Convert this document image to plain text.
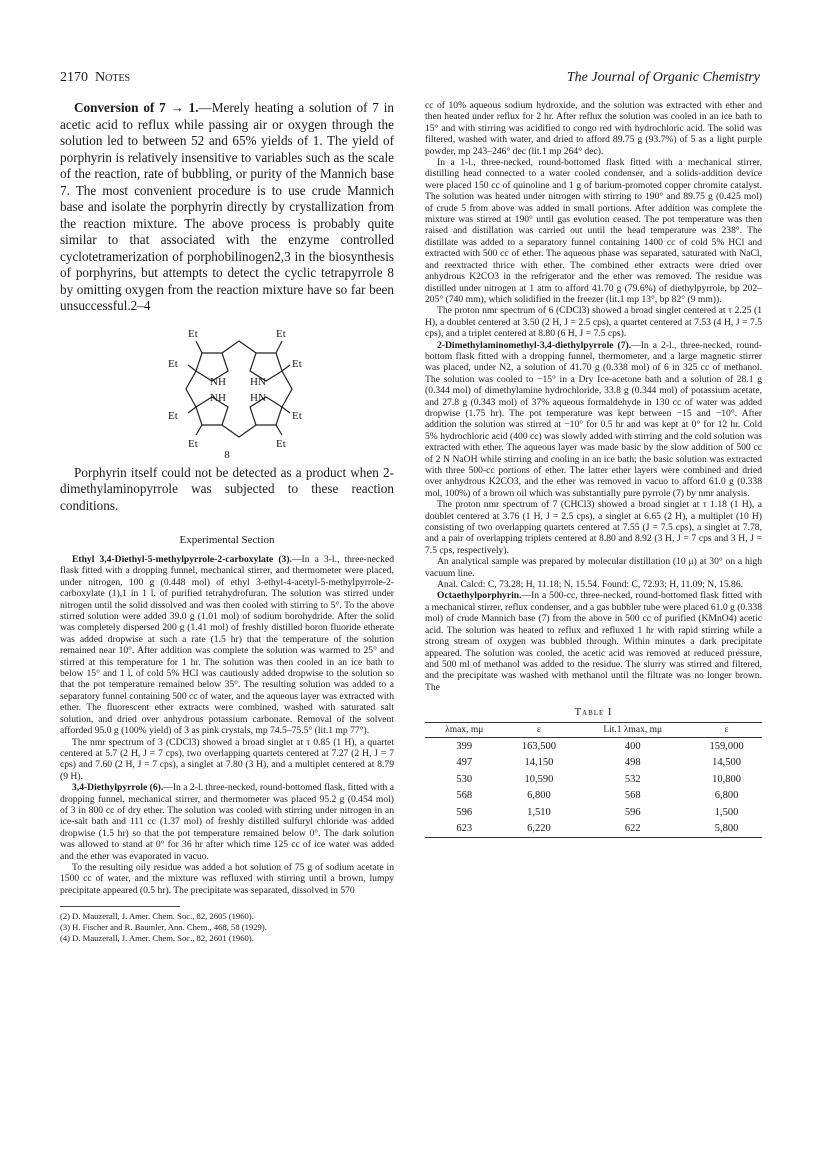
2170 Notes	The Journal of Organic Chemistry

Conversion of 7 → 1.—Merely heating a solution of 7 in acetic acid to reflux while passing air or oxygen through the solution led to between 52 and 65% yields of 1. The yield of porphyrin is relatively insensitive to variables such as the scale of the reaction, rate of bubbling, or purity of the Mannich base 7. The most convenient procedure is to use crude Mannich base and isolate the porphyrin directly by crystallization from the reaction mixture. The above process is probably quite similar to that associated with the enzyme controlled cyclotetramerization of porphobilinogen2,3 in the biosynthesis of porphyrins, but attempts to detect the cyclic tetrapyrrole 8 by omitting oxygen from the reaction mixture have so far been unsuccessful.2–4

Et	Et
Et	Et
Et	Et
Et	Et
NH HN
NH HN
8

Porphyrin itself could not be detected as a product when 2-dimethylaminopyrrole was subjected to these reaction conditions.

Experimental Section

Ethyl 3,4-Diethyl-5-methylpyrrole-2-carboxylate (3).—In a 3-l., three-necked flask fitted with a dropping funnel, mechanical stirrer, and thermometer were placed, under nitrogen, 100 g (0.448 mol) of ethyl 3-ethyl-4-acetyl-5-methylpyrrole-2-carboxylate (1),1 in 1 l. of purified tetrahydrofuran. The solution was stirred under nitrogen until the solid dissolved and was then cooled with stirring to 5°. To the above stirred solution were added 39.0 g (1.01 mol) of sodium borohydride. After the solid was completely dispersed 200 g (1.41 mol) of freshly distilled boron fluoride etherate was added dropwise at such a rate (1.5 hr) that the temperature of the solution remained near 10°. After addition was complete the solution was warmed to 25° and stirred at this temperature for 1 hr. The solution was then cooled in an ice bath to below 15° and 1 l. of cold 5% HCl was cautiously added dropwise to the solution so that the pot temperature remained below 35°. The resulting solution was added to a separatory funnel containing 500 cc of water, and the aqueous layer was extracted with ether. The fluorescent ether extracts were combined, washed with saturated salt solution, and dried over anhydrous potassium carbonate. Removal of the solvent afforded 95.0 g (100% yield) of 3 as pink crystals, mp 74.5–75.5° (lit.1 mp 77°).

The nmr spectrum of 3 (CDCl3) showed a broad singlet at τ 0.85 (1 H), a quartet centered at 5.7 (2 H, J = 7 cps), two overlapping quartets centered at 7.27 (2 H, J = 7 cps) and 7.60 (2 H, J = 7 cps), a singlet at 7.80 (3 H), and a multiplet centered at 8.79 (9 H).

3,4-Diethylpyrrole (6).—In a 2-l. three-necked, round-bottomed flask, fitted with a dropping funnel, mechanical stirrer, and thermometer was placed 95.2 g (0.454 mol) of 3 in 800 cc of dry ether. The solution was cooled with stirring under nitrogen in an ice-salt bath and 111 cc (1.37 mol) of freshly distilled sulfuryl chloride was added dropwise (1.5 hr) so that the pot temperature remained below 0°. The dark solution was allowed to stand at 0° for 36 hr after which time 125 cc of ice water was added and the ether was evaporated in vacuo.

To the resulting oily residue was added a hot solution of 75 g of sodium acetate in 1500 cc of water, and the mixture was refluxed with stirring until a brown, lumpy precipitate appeared (0.5 hr). The precipitate was separated, dissolved in 570

(2) D. Mauzerall, J. Amer. Chem. Soc., 82, 2605 (1960).

(3) H. Fischer and R. Baumler, Ann. Chem., 468, 58 (1929).

(4) D. Mauzerall, J. Amer. Chem. Soc., 82, 2601 (1960).

cc of 10% aqueous sodium hydroxide, and the solution was extracted with ether and then heated under reflux for 2 hr. After reflux the solution was cooled in an ice bath to 15° and with stirring was acidified to congo red with hydrochloric acid. The solid was filtered, washed with water, and dried to afford 89.75 g (93.7%) of 5 as a light purple powder, mp 243–246° dec (lit.1 mp 264° dec).

In a 1-l., three-necked, round-bottomed flask fitted with a mechanical stirrer, distilling head connected to a water cooled condenser, and a solids-addition device were placed 150 cc of quinoline and 1 g of barium-promoted copper chromite catalyst. The solution was heated under nitrogen with stirring to 190° and 89.75 g (0.425 mol) of crude 5 from above was added in small portions. After addition was complete the mixture was stirred at 190° until gas evolution ceased. The pot temperature was then raised and distillation was carried out until the head temperature was 238°. The distillate was added to a separatory funnel containing 1400 cc of cold 5% HCl and extracted with 500 cc of ether. The aqueous phase was separated, saturated with NaCl, and reextracted thrice with ether. The combined ether extracts were dried over anhydrous K2CO3 in the refrigerator and the ether was removed. The residue was distilled under nitrogen at 1 atm to afford 41.70 g (79.6%) of diethylpyrrole, bp 202–205° (740 mm), which solidified in the freezer (lit.1 mp 13°, bp 82° (9 mm)).

The proton nmr spectrum of 6 (CDCl3) showed a broad singlet centered at τ 2.25 (1 H), a doublet centered at 3.50 (2 H, J = 2.5 cps), a quartet centered at 7.53 (4 H, J = 7.5 cps), and a triplet centered at 8.80 (6 H, J = 7.5 cps).

2-Dimethylaminomethyl-3,4-diethylpyrrole (7).—In a 2-l., three-necked, round-bottom flask fitted with a dropping funnel, thermometer, and a large magnetic stirrer was placed, under N2, a solution of 41.70 g (0.338 mol) of 6 in 325 cc of methanol. The solution was cooled to −15° in a Dry Ice-acetone bath and a solution of 28.1 g (0.344 mol) of dimethylamine hydrochloride, 33.8 g (0.344 mol) of potassium acetate, and 27.8 g (0.343 mol) of 37% aqueous formaldehyde in 130 cc of water was added dropwise (1.75 hr). The pot temperature was kept between −15 and −10°. After addition the solution was stirred at −10° for 0.5 hr and was kept at 0° for 12 hr. Cold 5% hydrochloric acid (400 cc) was slowly added with stirring and the cold solution was extracted with ether. The aqueous layer was made basic by the slow addition of 500 cc of 2 N NaOH while stirring and cooling in an ice bath; the basic solution was extracted with three 500-cc portions of ether. The latter ether layers were combined and dried over anhydrous K2CO3, and the ether was removed in vacuo to afford 61.0 g (0.338 mol, 100%) of a brown oil which was substantially pure pyrrole (7) by nmr analysis.

The proton nmr spectrum of 7 (CHCl3) showed a broad singlet at τ 1.18 (1 H), a doublet centered at 3.76 (1 H, J = 2.5 cps), a singlet at 6.65 (2 H), a multiplet (10 H) consisting of two overlapping quartets centered at 7.55 (J = 7.5 cps), a singlet at 7.78, and a pair of overlapping triplets centered at 8.80 and 8.92 (3 H, J = 7 cps and 3 H, J = 7.5 cps, respectively).

An analytical sample was prepared by molecular distillation (10 μ) at 30° on a high vacuum line.

Anal. Calcd: C, 73.28; H, 11.18; N, 15.54. Found: C, 72.93; H, 11.09; N, 15.86.

Octaethylporphyrin.—In a 500-cc, three-necked, round-bottomed flask fitted with a mechanical stirrer, reflux condenser, and a gas bubbler tube were placed 61.0 g (0.338 mol) of crude Mannich base (7) from the above in 500 cc of purified (KMnO4) acetic acid. The solution was heated to reflux and refluxed 1 hr with rapid stirring while a strong stream of oxygen was bubbled through. Within minutes a dark precipitate appeared. The solution was cooled, the acetic acid was removed at reduced pressure, and 500 ml of methanol was added to the residue. The slurry was stirred and filtered, and the precipitate was washed with methanol until the filtrate was no longer brown. The

Table I
λmax, mμ	ε	Lit.1 λmax, mμ	ε
399	163,500	400	159,000
497	14,150	498	14,500
530	10,590	532	10,800
568	6,800	568	6,800
596	1,510	596	1,500
623	6,220	622	5,800
